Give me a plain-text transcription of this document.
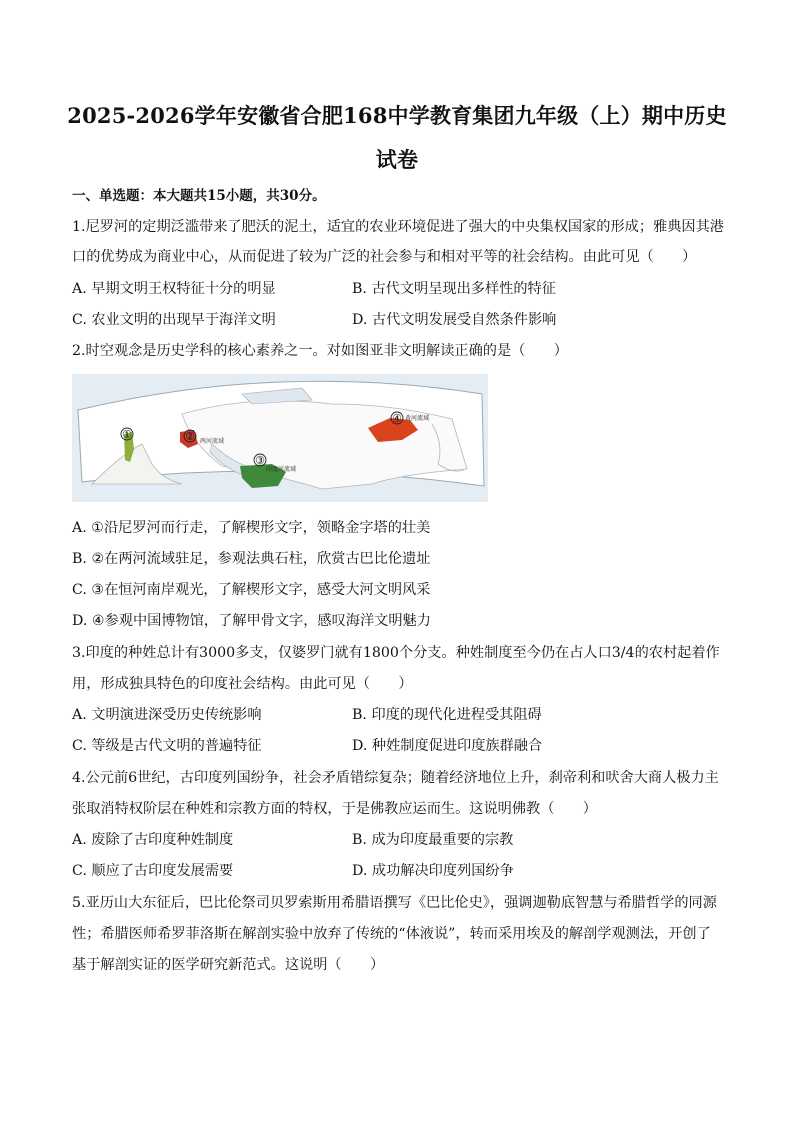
2025-2026学年安徽省合肥168中学教育集团九年级（上）期中历史
试卷
一、单选题：本大题共15小题，共30分。
1.尼罗河的定期泛滥带来了肥沃的泥土，适宜的农业环境促进了强大的中央集权国家的形成；雅典因其港
口的优势成为商业中心，从而促进了较为广泛的社会参与和相对平等的社会结构。由此可见（　　）
A. 早期文明王权特征十分的明显	B. 古代文明呈现出多样性的特征
C. 农业文明的出现早于海洋文明	D. 古代文明发展受自然条件影响
2.时空观念是历史学科的核心素养之一。对如图亚非文明解读正确的是（　　）
①	② 两河流域
③
印度河流域
④ 黄河流域
A. ①沿尼罗河而行走，了解楔形文字，领略金字塔的壮美
B. ②在两河流域驻足，参观法典石柱，欣赏古巴比伦遗址
C. ③在恒河南岸观光，了解楔形文字，感受大河文明风采
D. ④参观中国博物馆，了解甲骨文字，感叹海洋文明魅力
3.印度的种姓总计有3000多支，仅婆罗门就有1800个分支。种姓制度至今仍在占人口3/4的农村起着作
用，形成独具特色的印度社会结构。由此可见（　　）
A. 文明演进深受历史传统影响	B. 印度的现代化进程受其阻碍
C. 等级是古代文明的普遍特征	D. 种姓制度促进印度族群融合
4.公元前6世纪，古印度列国纷争，社会矛盾错综复杂；随着经济地位上升，刹帝利和吠舍大商人极力主
张取消特权阶层在种姓和宗教方面的特权，于是佛教应运而生。这说明佛教（　　）
A. 废除了古印度种姓制度	B. 成为印度最重要的宗教
C. 顺应了古印度发展需要	D. 成功解决印度列国纷争
5.亚历山大东征后，巴比伦祭司贝罗索斯用希腊语撰写《巴比伦史》，强调迦勒底智慧与希腊哲学的同源
性；希腊医师希罗菲洛斯在解剖实验中放弃了传统的“体液说”，转而采用埃及的解剖学观测法，开创了
基于解剖实证的医学研究新范式。这说明（　　）
